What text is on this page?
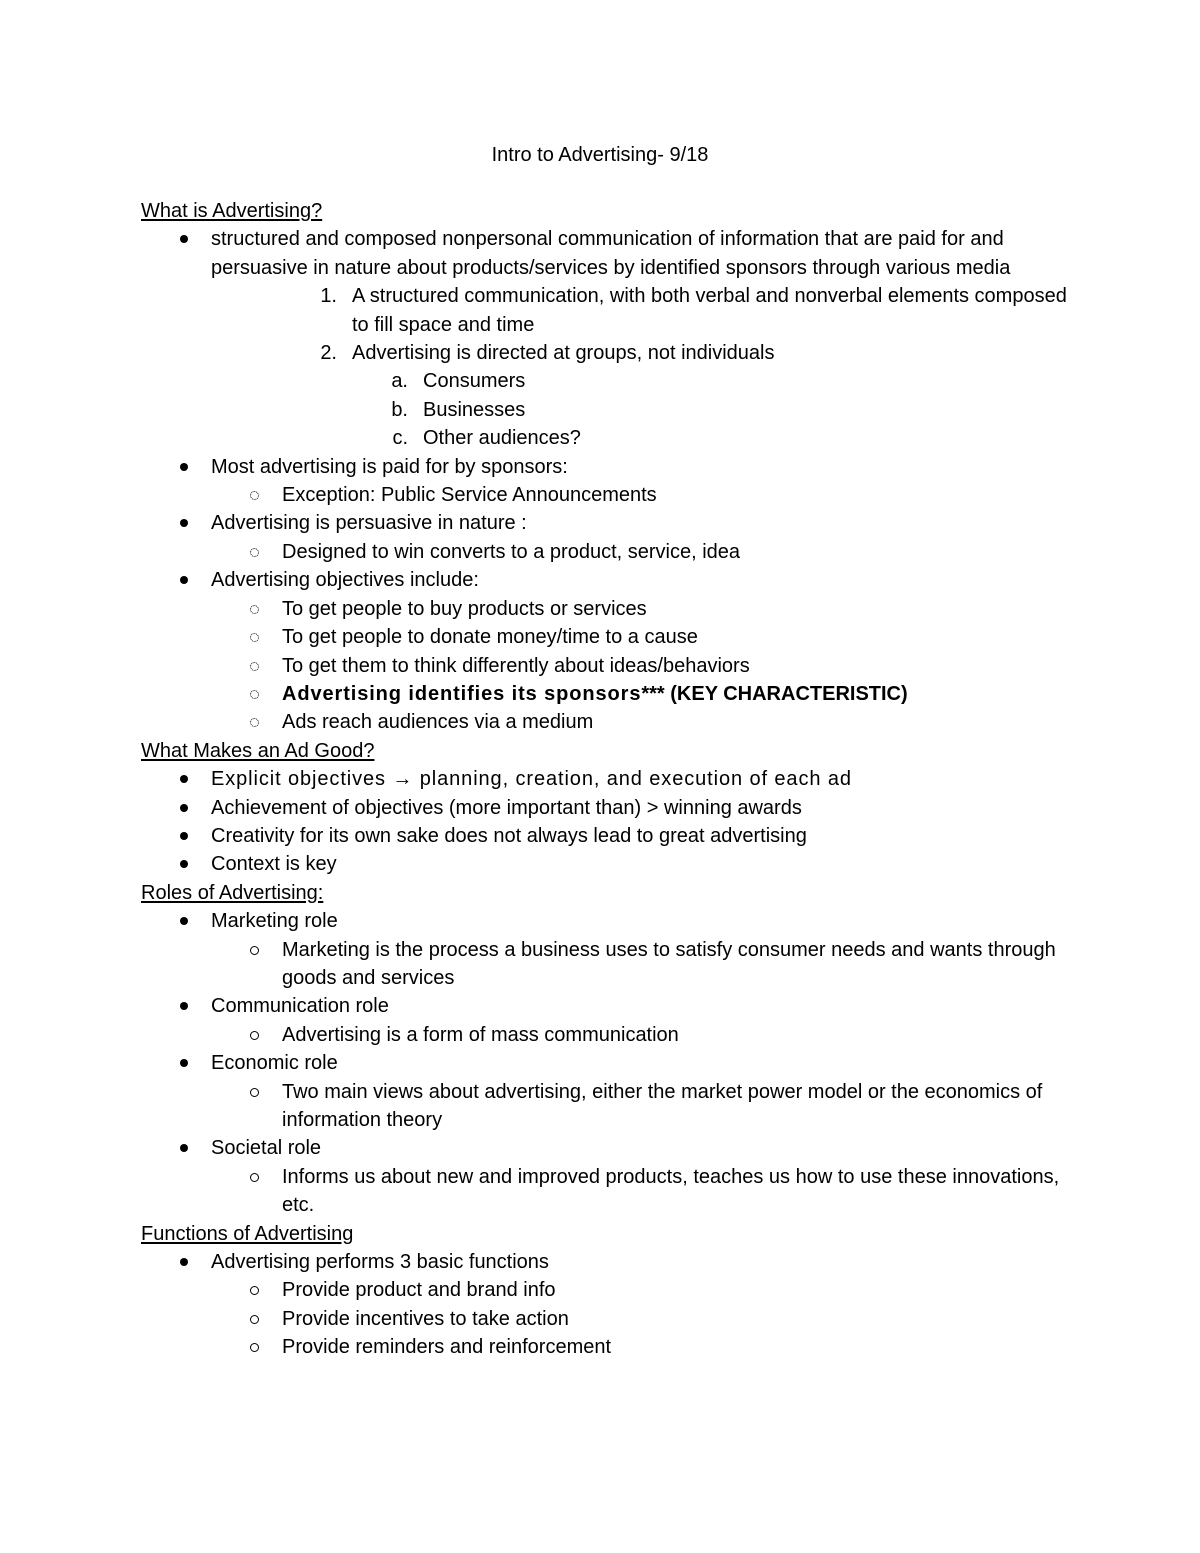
Intro to Advertising- 9/18
What is Advertising?
structured and composed nonpersonal communication of information that are paid for and persuasive in nature about products/services by identified sponsors through various media
1. A structured communication, with both verbal and nonverbal elements composed to fill space and time
2. Advertising is directed at groups, not individuals
a. Consumers
b. Businesses
c. Other audiences?
Most advertising is paid for by sponsors:
Exception: Public Service Announcements
Advertising is persuasive in nature :
Designed to win converts to a product, service, idea
Advertising objectives include:
To get people to buy products or services
To get people to donate money/time to a cause
To get them to think differently about ideas/behaviors
Advertising identifies its sponsors*** (KEY CHARACTERISTIC)
Ads reach audiences via a medium
What Makes an Ad Good?
Explicit objectives → planning, creation, and execution of each ad
Achievement of objectives (more important than) > winning awards
Creativity for its own sake does not always lead to great advertising
Context is key
Roles of Advertising:
Marketing role
Marketing is the process a business uses to satisfy consumer needs and wants through goods and services
Communication role
Advertising is a form of mass communication
Economic role
Two main views about advertising, either the market power model or the economics of information theory
Societal role
Informs us about new and improved products, teaches us how to use these innovations, etc.
Functions of Advertising
Advertising performs 3 basic functions
Provide product and brand info
Provide incentives to take action
Provide reminders and reinforcement
